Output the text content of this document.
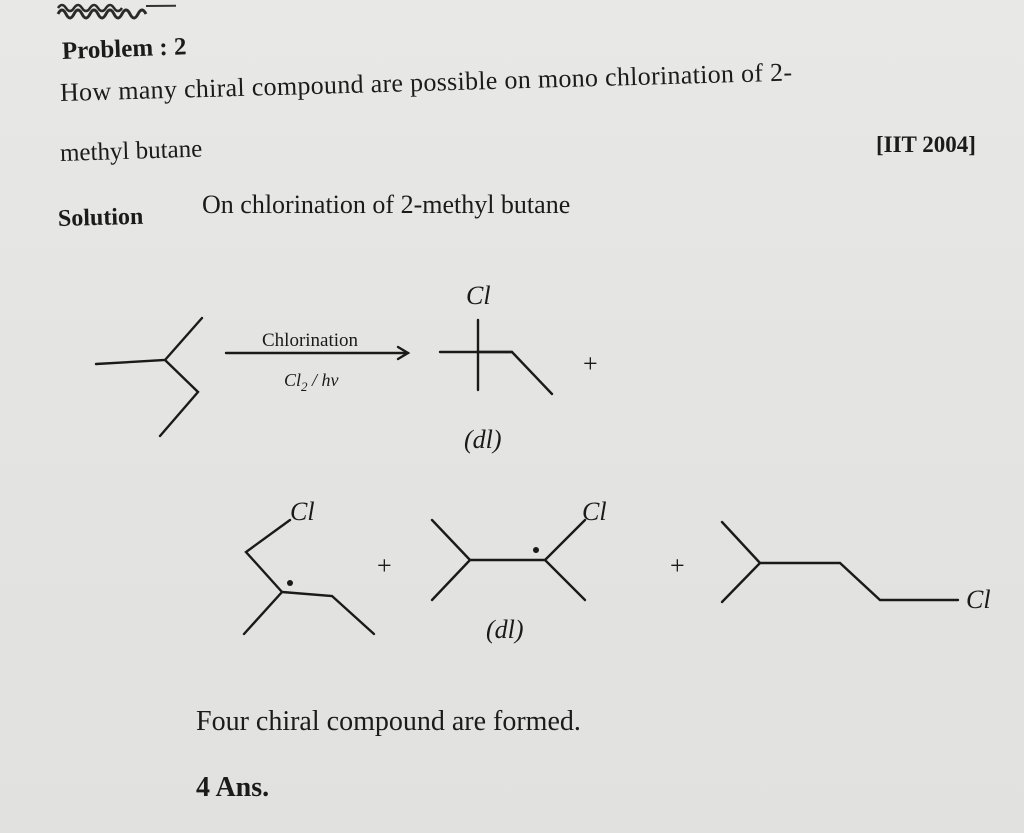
Problem : 2
How many chiral compound are possible on mono chlorination of 2-
methyl butane	[IIT 2004]
Solution On chlorination of 2-methyl butane
Chlorination
$Cl_2$ / hv
Cl
+
(dl)
Cl
+
Cl
(dl)
+
Cl
Four chiral compound are formed.
4 Ans.
